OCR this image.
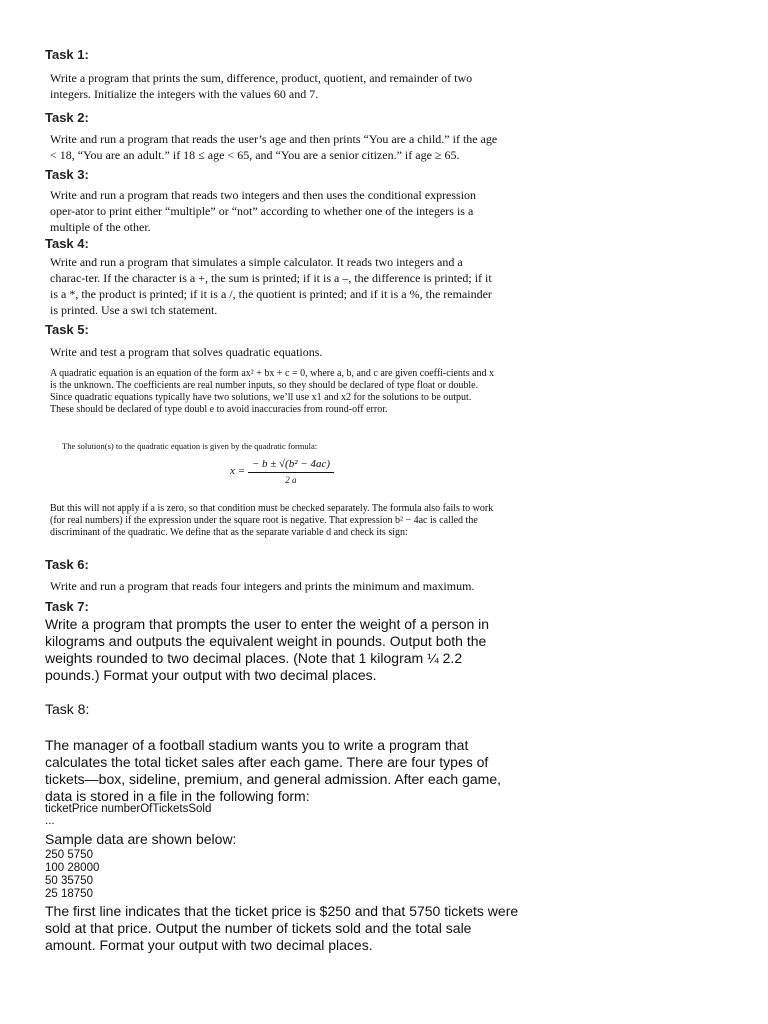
Task 1:

Write a program that prints the sum, difference, product, quotient, and remainder of two integers. Initialize the integers with the values 60 and 7.

Task 2:

Write and run a program that reads the user’s age and then prints “You are a child.” if the age < 18, “You are an adult.” if 18 ≤ age < 65, and “You are a senior citizen.” if age ≥ 65.

Task 3:

Write and run a program that reads two integers and then uses the conditional expression oper-ator to print either “multiple” or “not” according to whether one of the integers is a multiple of the other.

Task 4:

Write and run a program that simulates a simple calculator. It reads two integers and a charac-ter. If the character is a +, the sum is printed; if it is a –, the difference is printed; if it is a *, the product is printed; if it is a /, the quotient is printed; and if it is a %, the remainder is printed. Use a swi tch statement.

Task 5:

Write and test a program that solves quadratic equations.

A quadratic equation is an equation of the form ax² + bx + c = 0, where a, b, and c are given coeffi-cients and x is the unknown. The coefficients are real number inputs, so they should be declared of type float or double. Since quadratic equations typically have two solutions, we’ll use x1 and x2 for the solutions to be output. These should be declared of type doubl e to avoid inaccuracies from round-off error.

The solution(s) to the quadratic equation is given by the quadratic formula:

$x = \frac{\text{− b ± √(b² − 4ac)}}{2 a}$

But this will not apply if a is zero, so that condition must be checked separately. The formula also fails to work (for real numbers) if the expression under the square root is negative. That expression b² − 4ac is called the discriminant of the quadratic. We define that as the separate variable d and check its sign:

Task 6:

Write and run a program that reads four integers and prints the minimum and maximum.

Task 7:

Write a program that prompts the user to enter the weight of a person in kilograms and outputs the equivalent weight in pounds. Output both the weights rounded to two decimal places. (Note that 1 kilogram ¼ 2.2 pounds.) Format your output with two decimal places.

Task 8:

The manager of a football stadium wants you to write a program that calculates the total ticket sales after each game. There are four types of tickets—box, sideline, premium, and general admission. After each game, data is stored in a file in the following form:

ticketPrice numberOfTicketsSold

...

Sample data are shown below:

250 5750

100 28000

50 35750

25 18750

The first line indicates that the ticket price is $250 and that 5750 tickets were sold at that price. Output the number of tickets sold and the total sale amount. Format your output with two decimal places.
